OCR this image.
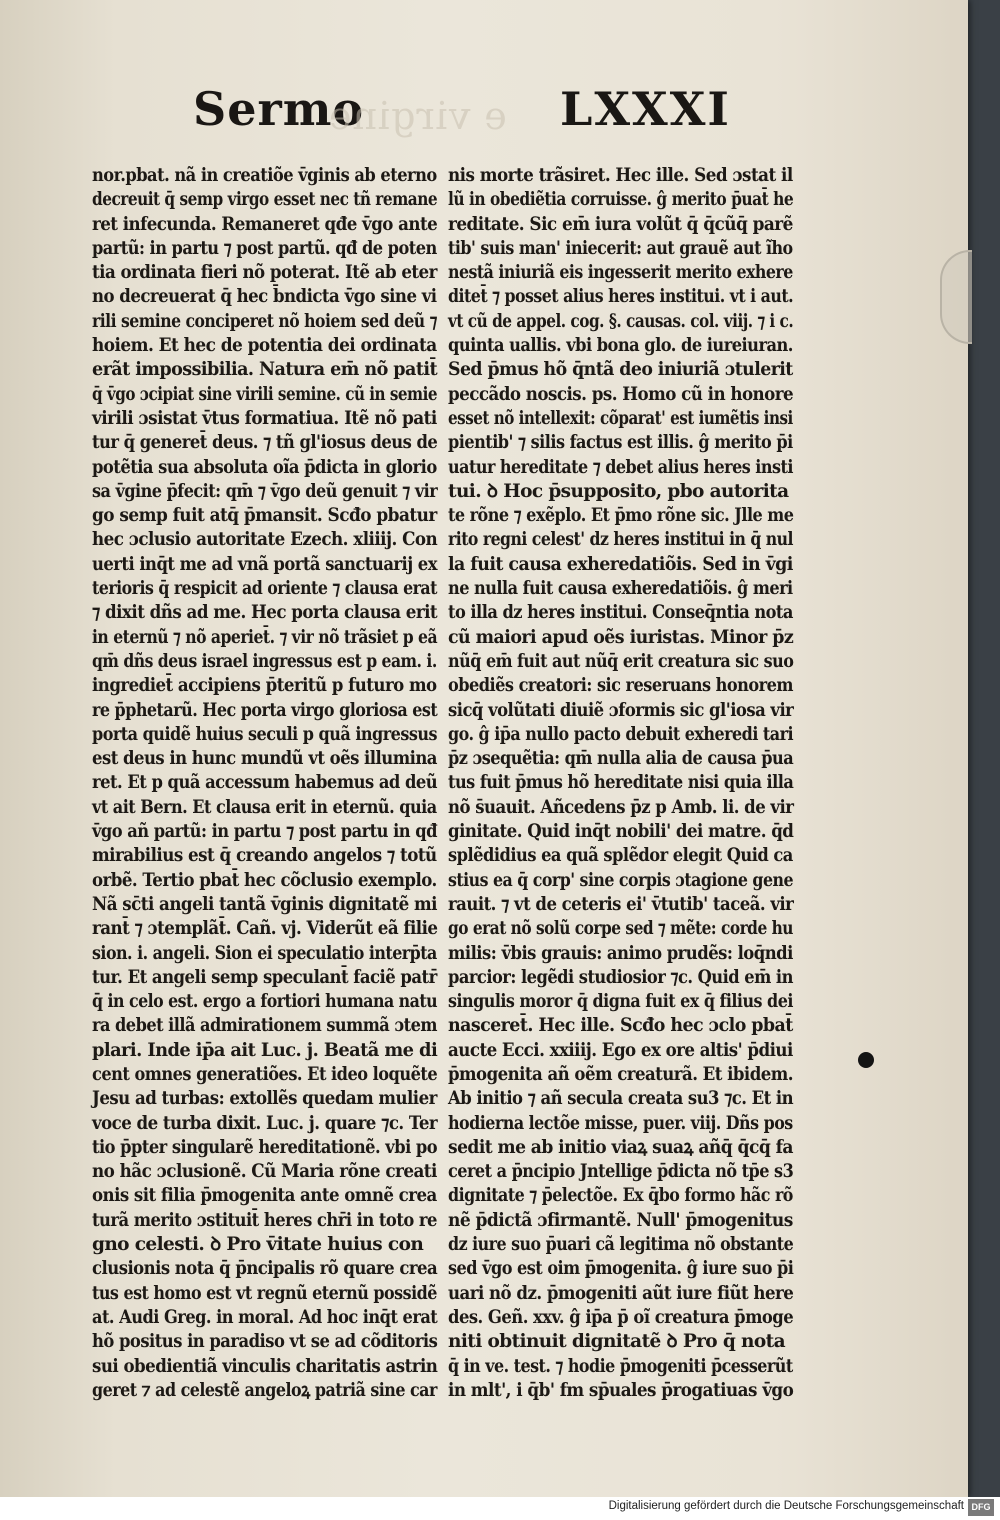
Sermo
e virgine LXXXI
nor.pbat. nã in creatiõe v̄ginis ab eterno
decreuit q̄ semp virgo esset nec tñ remane
ret infecunda. Remaneret qđe v̄go ante
partũ: in partu ⁊ post partũ. qđ de poten
tia ordinata fieri nõ poterat. Itẽ ab eter
no decreuerat q̄ hec b̄ndicta v̄go sine vi
rili semine conciperet nõ hoiem sed deũ ⁊
hoiem. Et hec de potentia dei ordinata
erãt impossibilia. Natura em̄ nõ patit̄
q̄ v̄go ɔcipiat sine virili semine. cũ in semie
virili ɔsistat v̄tus formatiua. Itẽ nõ pati
tur q̄ generet̄ deus. ⁊ tñ gl'iosus deus de
potẽtia sua absoluta oĩa p̄dicta in glorio
sa v̄gine p̄fecit: qm̄ ⁊ v̄go deũ genuit ⁊ vir
go semp fuit atq̄ p̄mansit. Scđo pbatur
hec ɔclusio autoritate Ezech. xliiij. Con
uerti inq̄t me ad vnã portã sanctuarij ex
terioris q̄ respicit ad oriente ⁊ clausa erat
⁊ dixit dñs ad me. Hec porta clausa erit
in eternũ ⁊ nõ aperiet̄. ⁊ vir nõ trãsiet p eã
qm̄ dñs deus israel ingressus est p eam. i.
ingrediet̄ accipiens p̄teritũ p futuro mo
re p̄phetarũ. Hec porta virgo gloriosa est
porta quidẽ huius seculi p quã ingressus
est deus in hunc mundũ vt oẽs illumina
ret. Et p quã accessum habemus ad deũ
vt ait Bern. Et clausa erit in eternũ. quia
v̄go añ partũ: in partu ⁊ post partu in qđ
mirabilius est q̄ creando angelos ⁊ totũ
orbẽ. Tertio pbat̄ hec cõclusio exemplo.
Nã sc̄ti angeli tantã v̄ginis dignitatẽ mi
rant̄ ⁊ ɔtemplãt̄. Cañ. vj. Viderũt eã filie
sion. i. angeli. Sion ei speculatio interp̄ta
tur. Et angeli semp speculant̄ faciẽ patr̄
q̄ in celo est. ergo a fortiori humana natu
ra debet illã admirationem summã ɔtem
plari. Inde ip̄a ait Luc. j. Beatã me di
cent omnes generatiões. Et ideo loquẽte
Jesu ad turbas: extollẽs quedam mulier
voce de turba dixit. Luc. j. quare ⁊c. Ter
tio p̄pter singularẽ hereditationẽ. vbi po
no hãc ɔclusionẽ. Cũ Maria rõne creati
onis sit filia p̄mogenita ante omnẽ crea
turã merito ɔstituit̄ heres chr̄i in toto re
gno celesti. ꝺ Pro v̄itate huius con
clusionis nota q̄ p̄ncipalis rõ quare crea
tus est homo est vt regnũ eternũ possidẽ
at. Audi Greg. in moral. Ad hoc inq̄t erat
hõ positus in paradiso vt se ad cõditoris
sui obedientiã vinculis charitatis astrin
geret ⁊ ad celestẽ angeloꝝ patriã sine car
nis morte trãsiret. Hec ille. Sed ɔstat il
lũ in obediẽtia corruisse. ĝ merito p̄uat̄ he
reditate. Sic em̄ iura volũt q̄ q̄cũq̄ parẽ
tib' suis man' iniecerit: aut grauẽ aut ĩho
nestã iniuriã eis ingesserit merito exhere
ditet̄ ⁊ posset alius heres institui. vt i aut.
vt cũ de appel. cog. §. causas. col. viij. ⁊ i c.
quinta uallis. vbi bona glo. de iureiuran.
Sed p̄mus hõ q̄ntã deo iniuriã ɔtulerit
peccãdo noscis. ps. Homo cũ in honore
esset nõ intellexit: cõparat' est iumẽtis insi
pientib' ⁊ silis factus est illis. ĝ merito p̄i
uatur hereditate ⁊ debet alius heres insti
tui. ꝺ Hoc p̄supposito, pbo autorita
te rõne ⁊ exẽplo. Et p̄mo rõne sic. Jlle me
rito regni celest' dz heres institui in q̄ nul
la fuit causa exheredatiõis. Sed in v̄gi
ne nulla fuit causa exheredatiõis. ĝ meri
to illa dz heres institui. Conseq̄ntia nota
cũ maiori apud oẽs iuristas. Minor p̄z
nũq̄ em̄ fuit aut nũq̄ erit creatura sic suo
obediẽs creatori: sic reseruans honorem
sicq̄ volũtati diuiẽ ɔformis sic gl'iosa vir
go. ĝ ip̄a nullo pacto debuit exheredi tari
p̄z ɔsequẽtia: qm̄ nulla alia de causa p̄ua
tus fuit p̄mus hõ hereditate nisi quia illa
nõ s̄uauit. Añcedens p̄z p Amb. li. de vir
ginitate. Quid inq̄t nobili' dei matre. q̄d
splẽdidius ea quã splẽdor elegit Quid ca
stius ea q̄ corp' sine corpis ɔtagione gene
rauit. ⁊ vt de ceteris ei' v̄tutib' taceã. vir
go erat nõ solũ corpe sed ⁊ mẽte: corde hu
milis: v̄bis grauis: animo prudẽs: loq̄ndi
parcior: legẽdi studiosior ⁊c. Quid em̄ in
singulis moror q̄ digna fuit ex q̄ filius dei
nasceret̄. Hec ille. Scđo hec ɔclo pbat̄
aucte Ecci. xxiiij. Ego ex ore altis' p̄diui
p̄mogenita añ oẽm creaturã. Et ibidem.
Ab initio ⁊ añ secula creata su3 ⁊c. Et in
hodierna lectõe misse, puer. viij. Dñs pos
sedit me ab initio viaꝝ suaꝝ añq̄ q̄cq̄ fa
ceret a p̄ncipio Jntellige p̄dicta nõ tp̄e s3
dignitate ⁊ p̄electõe. Ex q̄bo formo hãc rõ
nẽ p̄dictã ɔfirmantẽ. Null' p̄mogenitus
dz iure suo p̄uari cã legitima nõ obstante
sed v̄go est oim p̄mogenita. ĝ iure suo p̄i
uari nõ dz. p̄mogeniti aũt iure fiũt here
des. Geñ. xxv. ĝ ip̄a p̄ oĩ creatura p̄moge
niti obtinuit dignitatẽ ꝺ Pro q̄ nota
q̄ in ve. test. ⁊ hodie p̄mogeniti p̄cesserũt
in mlt', i q̄b' fm sp̄uales p̄rogatiuas v̄go
Digitalisierung gefördert durch die Deutsche Forschungsgemeinschaft DFG
